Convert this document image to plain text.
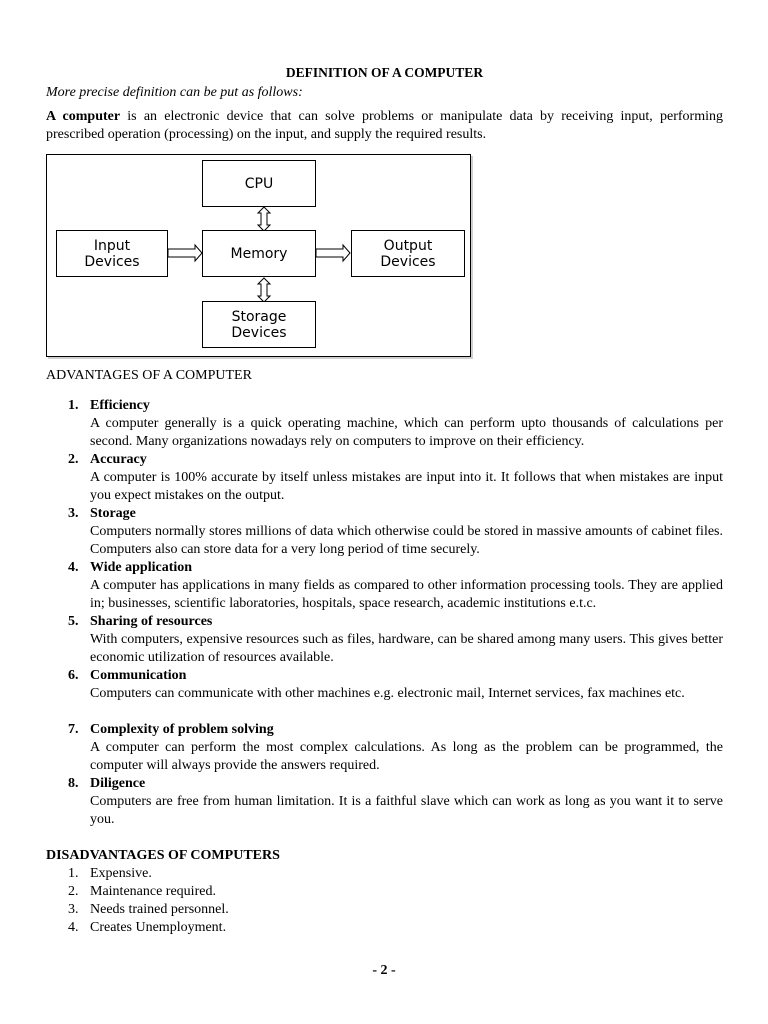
DEFINITION OF A COMPUTER

More precise definition can be put as follows:

A computer is an electronic device that can solve problems or manipulate data by receiving input, performing prescribed operation (processing) on the input, and supply the required results.

CPU
Input
Devices	Memory	Output
Devices
Storage
Devices

ADVANTAGES OF A COMPUTER

1. Efficiency
A computer generally is a quick operating machine, which can perform upto thousands of calculations per second. Many organizations nowadays rely on computers to improve on their efficiency.
2. Accuracy
A computer is 100% accurate by itself unless mistakes are input into it. It follows that when mistakes are input you expect mistakes on the output.
3. Storage
Computers normally stores millions of data which otherwise could be stored in massive amounts of cabinet files. Computers also can store data for a very long period of time securely.
4. Wide application
A computer has applications in many fields as compared to other information processing tools. They are applied in; businesses, scientific laboratories, hospitals, space research, academic institutions e.t.c.
5. Sharing of resources
With computers, expensive resources such as files, hardware, can be shared among many users. This gives better economic utilization of resources available.
6. Communication
Computers can communicate with other machines e.g. electronic mail, Internet services, fax machines etc.
7. Complexity of problem solving
A computer can perform the most complex calculations. As long as the problem can be programmed, the computer will always provide the answers required.
8. Diligence
Computers are free from human limitation. It is a faithful slave which can work as long as you want it to serve you.

DISADVANTAGES OF COMPUTERS

1. Expensive.
2. Maintenance required.
3. Needs trained personnel.
4. Creates Unemployment.
- 2 -
